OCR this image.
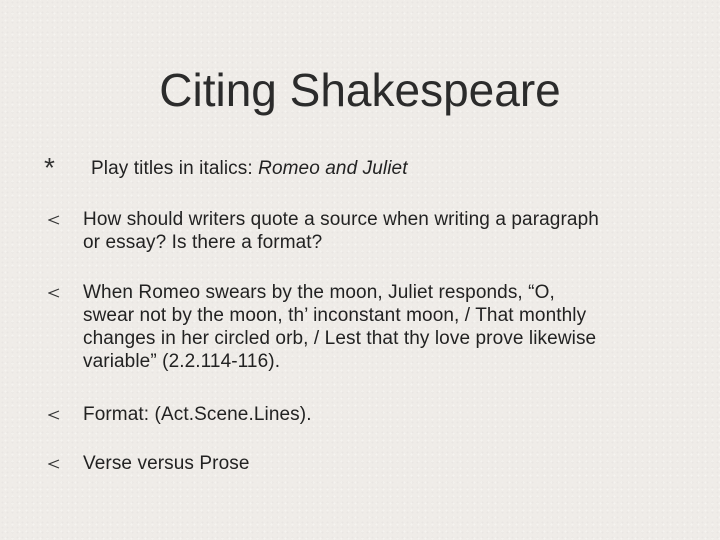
Citing Shakespeare
* Play titles in italics: Romeo and Juliet
How should writers quote a source when writing a paragraph
or essay? Is there a format?
When Romeo swears by the moon, Juliet responds, “O,
swear not by the moon, th’ inconstant moon, / That monthly
changes in her circled orb, / Lest that thy love prove likewise
variable” (2.2.114-116).
Format: (Act.Scene.Lines).
Verse versus Prose
